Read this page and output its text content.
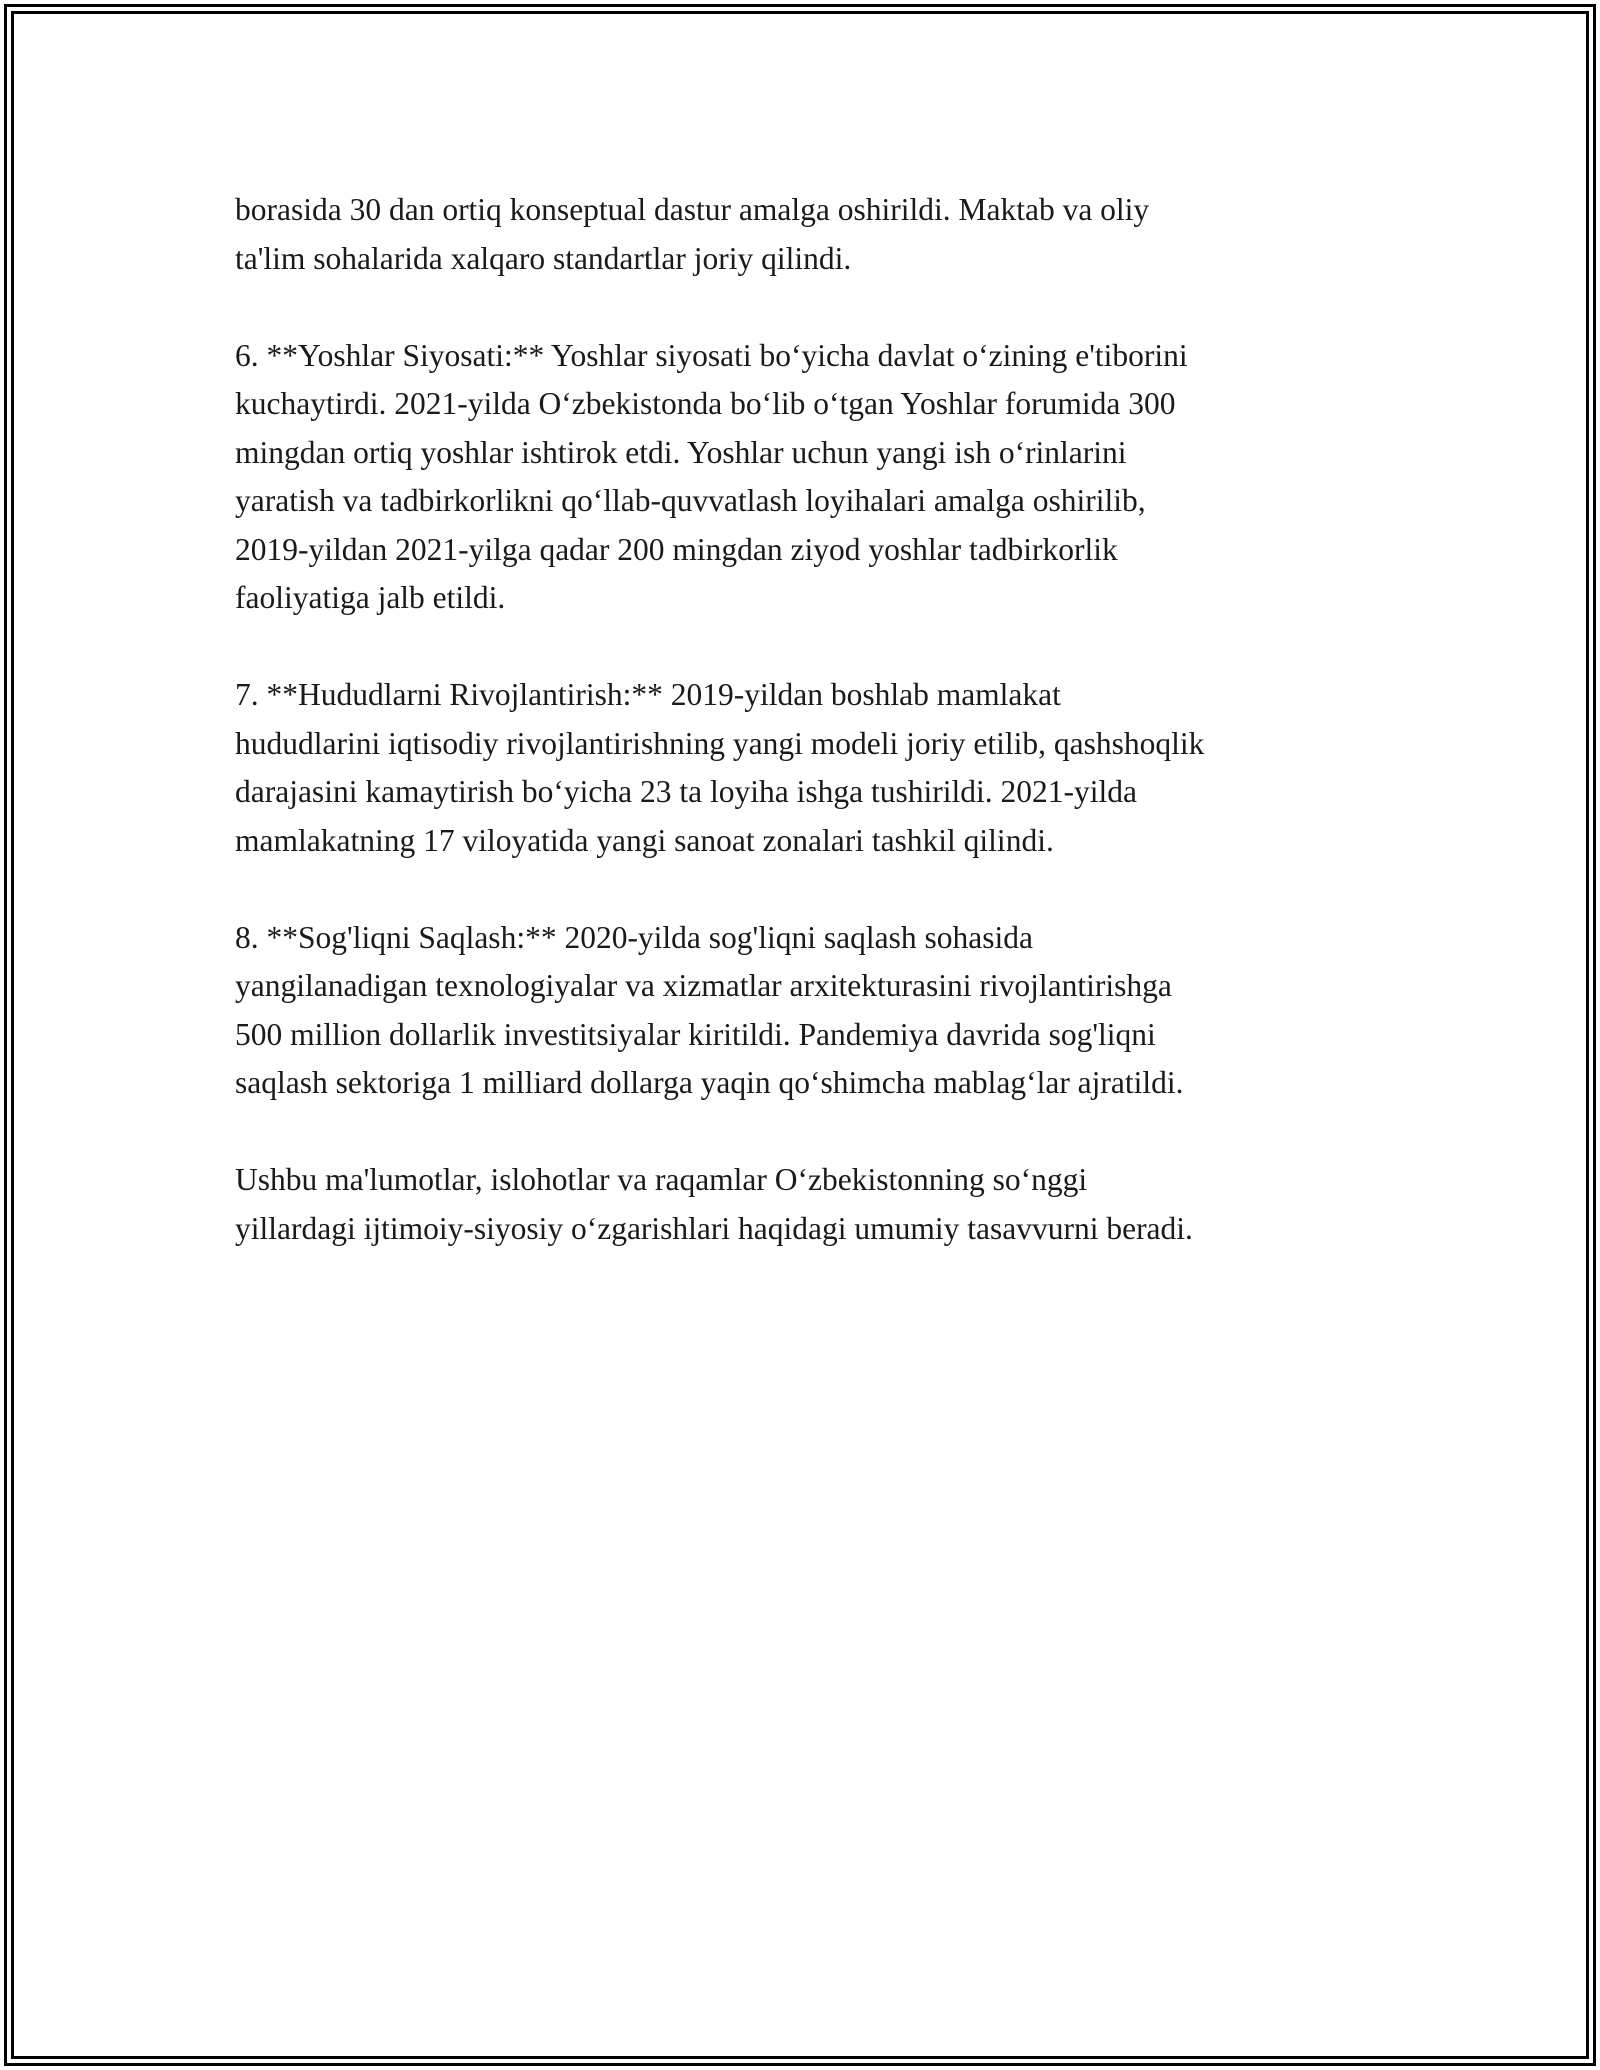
borasida 30 dan ortiq konseptual dastur amalga oshirildi. Maktab va oliy
ta'lim sohalarida xalqaro standartlar joriy qilindi.

6. **Yoshlar Siyosati:** Yoshlar siyosati bo‘yicha davlat o‘zining e'tiborini
kuchaytirdi. 2021-yilda O‘zbekistonda bo‘lib o‘tgan Yoshlar forumida 300
mingdan ortiq yoshlar ishtirok etdi. Yoshlar uchun yangi ish o‘rinlarini
yaratish va tadbirkorlikni qo‘llab-quvvatlash loyihalari amalga oshirilib,
2019-yildan 2021-yilga qadar 200 mingdan ziyod yoshlar tadbirkorlik
faoliyatiga jalb etildi.

7. **Hududlarni Rivojlantirish:** 2019-yildan boshlab mamlakat
hududlarini iqtisodiy rivojlantirishning yangi modeli joriy etilib, qashshoqlik
darajasini kamaytirish bo‘yicha 23 ta loyiha ishga tushirildi. 2021-yilda
mamlakatning 17 viloyatida yangi sanoat zonalari tashkil qilindi.

8. **Sog'liqni Saqlash:** 2020-yilda sog'liqni saqlash sohasida
yangilanadigan texnologiyalar va xizmatlar arxitekturasini rivojlantirishga
500 million dollarlik investitsiyalar kiritildi. Pandemiya davrida sog'liqni
saqlash sektoriga 1 milliard dollarga yaqin qo‘shimcha mablag‘lar ajratildi.

Ushbu ma'lumotlar, islohotlar va raqamlar O‘zbekistonning so‘nggi
yillardagi ijtimoiy-siyosiy o‘zgarishlari haqidagi umumiy tasavvurni beradi.
